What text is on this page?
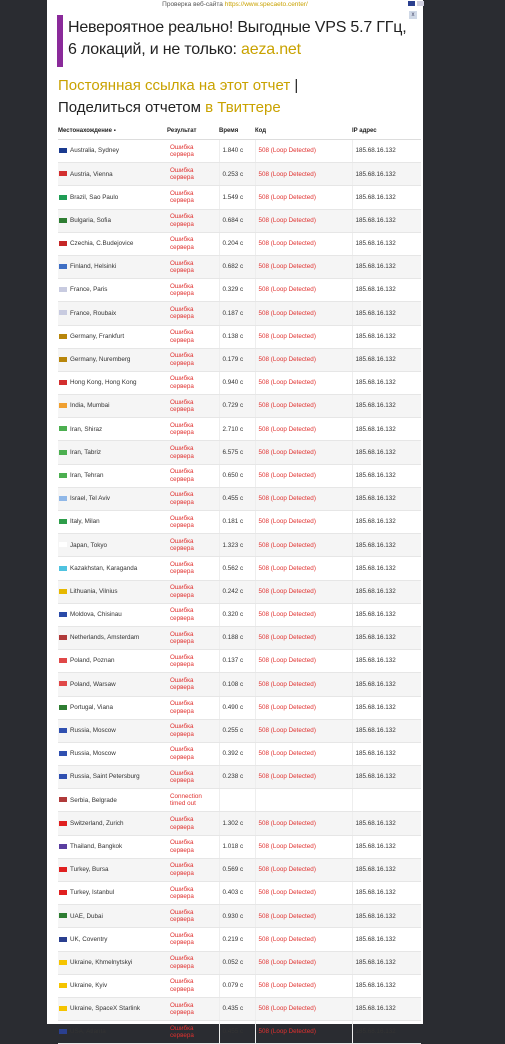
Проверка веб-сайта https://www.specaeto.center/
Невероятное реально! Выгодные VPS 5.7 ГГц,
6 локаций, и не только: aeza.net
x
Постоянная ссылка на этот отчет |
Поделиться отчетом в Твиттере
Местонахождение ▪	Результат	Время	Код	IP адрес
Australia, Sydney	Ошибка сервера	1.840 с	508 (Loop Detected)	185.68.16.132
Austria, Vienna	Ошибка сервера	0.253 с	508 (Loop Detected)	185.68.16.132
Brazil, Sao Paulo	Ошибка сервера	1.549 с	508 (Loop Detected)	185.68.16.132
Bulgaria, Sofia	Ошибка сервера	0.684 с	508 (Loop Detected)	185.68.16.132
Czechia, C.Budejovice	Ошибка сервера	0.204 с	508 (Loop Detected)	185.68.16.132
Finland, Helsinki	Ошибка сервера	0.682 с	508 (Loop Detected)	185.68.16.132
France, Paris	Ошибка сервера	0.329 с	508 (Loop Detected)	185.68.16.132
France, Roubaix	Ошибка сервера	0.187 с	508 (Loop Detected)	185.68.16.132
Germany, Frankfurt	Ошибка сервера	0.138 с	508 (Loop Detected)	185.68.16.132
Germany, Nuremberg	Ошибка сервера	0.179 с	508 (Loop Detected)	185.68.16.132
Hong Kong, Hong Kong	Ошибка сервера	0.940 с	508 (Loop Detected)	185.68.16.132
India, Mumbai	Ошибка сервера	0.729 с	508 (Loop Detected)	185.68.16.132
Iran, Shiraz	Ошибка сервера	2.710 с	508 (Loop Detected)	185.68.16.132
Iran, Tabriz	Ошибка сервера	6.575 с	508 (Loop Detected)	185.68.16.132
Iran, Tehran	Ошибка сервера	0.650 с	508 (Loop Detected)	185.68.16.132
Israel, Tel Aviv	Ошибка сервера	0.455 с	508 (Loop Detected)	185.68.16.132
Italy, Milan	Ошибка сервера	0.181 с	508 (Loop Detected)	185.68.16.132
Japan, Tokyo	Ошибка сервера	1.323 с	508 (Loop Detected)	185.68.16.132
Kazakhstan, Karaganda	Ошибка сервера	0.562 с	508 (Loop Detected)	185.68.16.132
Lithuania, Vilnius	Ошибка сервера	0.242 с	508 (Loop Detected)	185.68.16.132
Moldova, Chisinau	Ошибка сервера	0.320 с	508 (Loop Detected)	185.68.16.132
Netherlands, Amsterdam	Ошибка сервера	0.188 с	508 (Loop Detected)	185.68.16.132
Poland, Poznan	Ошибка сервера	0.137 с	508 (Loop Detected)	185.68.16.132
Poland, Warsaw	Ошибка сервера	0.108 с	508 (Loop Detected)	185.68.16.132
Portugal, Viana	Ошибка сервера	0.490 с	508 (Loop Detected)	185.68.16.132
Russia, Moscow	Ошибка сервера	0.255 с	508 (Loop Detected)	185.68.16.132
Russia, Moscow	Ошибка сервера	0.392 с	508 (Loop Detected)	185.68.16.132
Russia, Saint Petersburg	Ошибка сервера	0.238 с	508 (Loop Detected)	185.68.16.132
Serbia, Belgrade	Connection timed out			
Switzerland, Zurich	Ошибка сервера	1.302 с	508 (Loop Detected)	185.68.16.132
Thailand, Bangkok	Ошибка сервера	1.018 с	508 (Loop Detected)	185.68.16.132
Turkey, Bursa	Ошибка сервера	0.569 с	508 (Loop Detected)	185.68.16.132
Turkey, Istanbul	Ошибка сервера	0.403 с	508 (Loop Detected)	185.68.16.132
UAE, Dubai	Ошибка сервера	0.930 с	508 (Loop Detected)	185.68.16.132
UK, Coventry	Ошибка сервера	0.219 с	508 (Loop Detected)	185.68.16.132
Ukraine, Khmelnytskyi	Ошибка сервера	0.052 с	508 (Loop Detected)	185.68.16.132
Ukraine, Kyiv	Ошибка сервера	0.079 с	508 (Loop Detected)	185.68.16.132
Ukraine, SpaceX Starlink	Ошибка сервера	0.435 с	508 (Loop Detected)	185.68.16.132
USA, Atlanta	Ошибка сервера	0.455 с	508 (Loop Detected)	185.68.16.132
